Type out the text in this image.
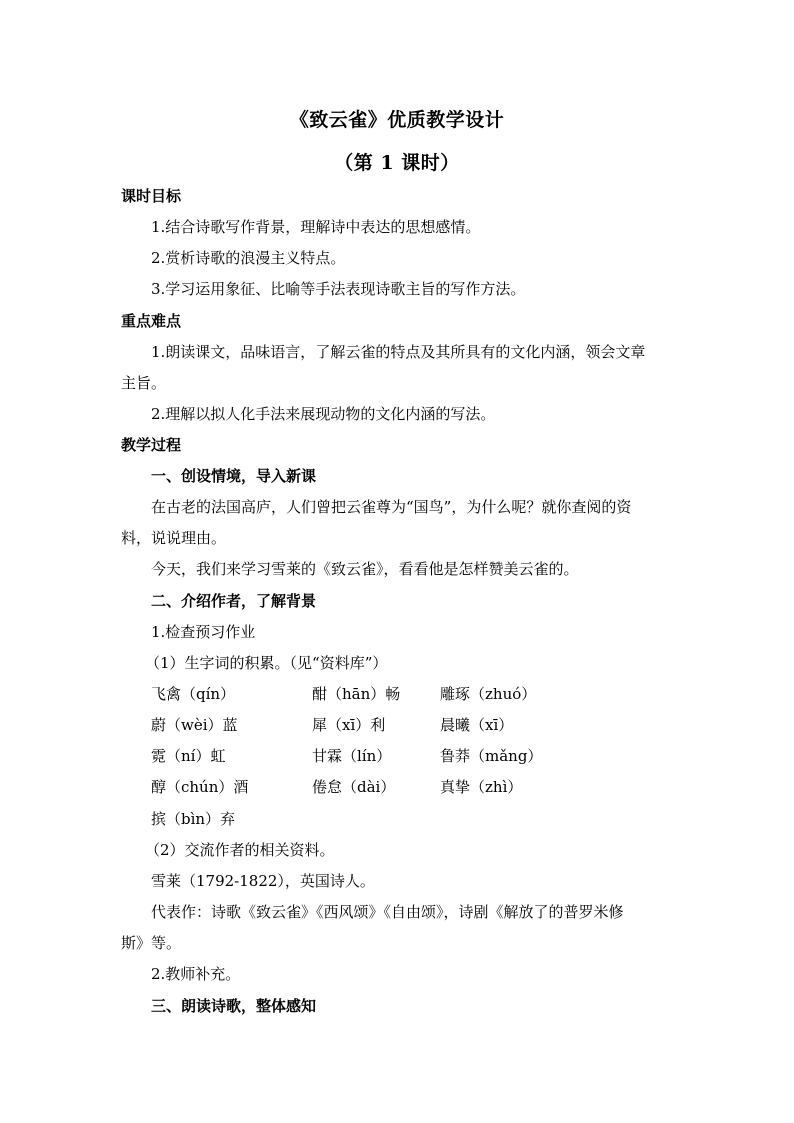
《致云雀》优质教学设计
（第 1 课时）
课时目标
1.结合诗歌写作背景，理解诗中表达的思想感情。
2.赏析诗歌的浪漫主义特点。
3.学习运用象征、比喻等手法表现诗歌主旨的写作方法。
重点难点
1.朗读课文，品味语言，了解云雀的特点及其所具有的文化内涵，领会文章
主旨。
2.理解以拟人化手法来展现动物的文化内涵的写法。
教学过程
一、创设情境，导入新课
在古老的法国高庐，人们曾把云雀尊为“国鸟”，为什么呢？就你查阅的资
料，说说理由。
今天，我们来学习雪莱的《致云雀》，看看他是怎样赞美云雀的。
二、介绍作者，了解背景
1.检查预习作业
（1）生字词的积累。（见“资料库”）
飞禽（qín）	酣（hān）畅	雕琢（zhuó）
蔚（wèi）蓝	犀（xī）利	晨曦（xī）
霓（ní）虹	甘霖（lín）	鲁莽（mǎng）
醇（chún）酒	倦怠（dài）	真挚（zhì）
摈（bìn）弃
（2）交流作者的相关资料。
雪莱（1792-1822），英国诗人。
代表作：诗歌《致云雀》《西风颂》《自由颂》，诗剧《解放了的普罗米修
斯》等。
2.教师补充。
三、朗读诗歌，整体感知
